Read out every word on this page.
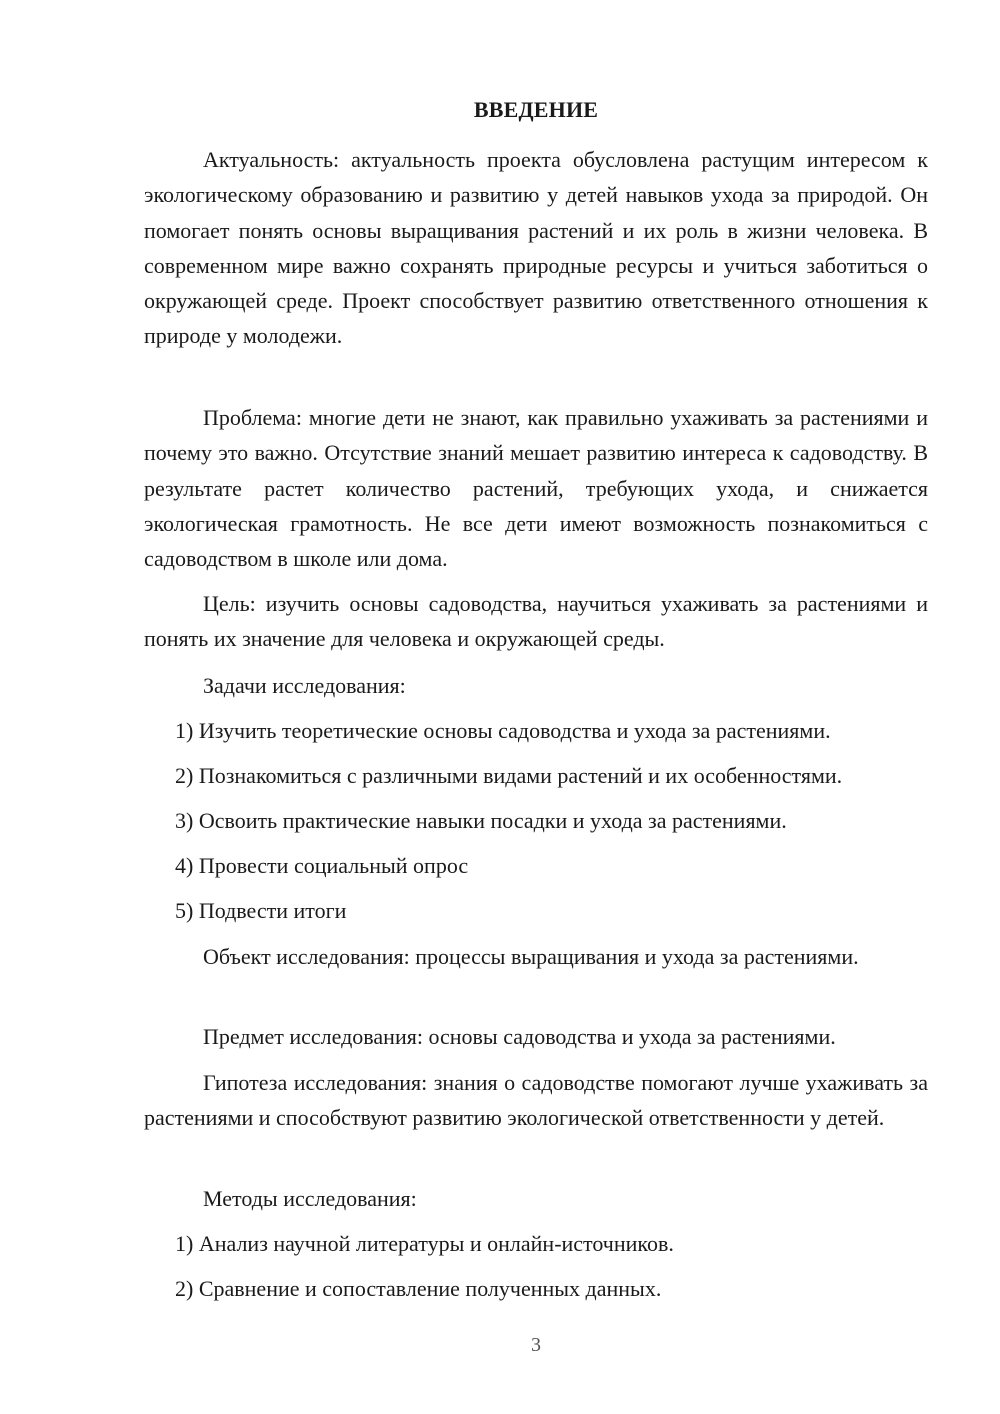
ВВЕДЕНИЕ

Актуальность: актуальность проекта обусловлена растущим интересом к экологическому образованию и развитию у детей навыков ухода за природой. Он помогает понять основы выращивания растений и их роль в жизни человека. В современном мире важно сохранять природные ресурсы и учиться заботиться о окружающей среде. Проект способствует развитию ответственного отношения к природе у молодежи.

Проблема: многие дети не знают, как правильно ухаживать за растениями и почему это важно. Отсутствие знаний мешает развитию интереса к садоводству. В результате растет количество растений, требующих ухода, и снижается экологическая грамотность. Не все дети имеют возможность познакомиться с садоводством в школе или дома.

Цель: изучить основы садоводства, научиться ухаживать за растениями и понять их значение для человека и окружающей среды.

Задачи исследования:

1) Изучить теоретические основы садоводства и ухода за растениями.

2) Познакомиться с различными видами растений и их особенностями.

3) Освоить практические навыки посадки и ухода за растениями.

4) Провести социальный опрос

5) Подвести итоги

Объект исследования: процессы выращивания и ухода за растениями.

Предмет исследования: основы садоводства и ухода за растениями.

Гипотеза исследования: знания о садоводстве помогают лучше ухаживать за растениями и способствуют развитию экологической ответственности у детей.

Методы исследования:

1) Анализ научной литературы и онлайн-источников.

2) Сравнение и сопоставление полученных данных.

3
